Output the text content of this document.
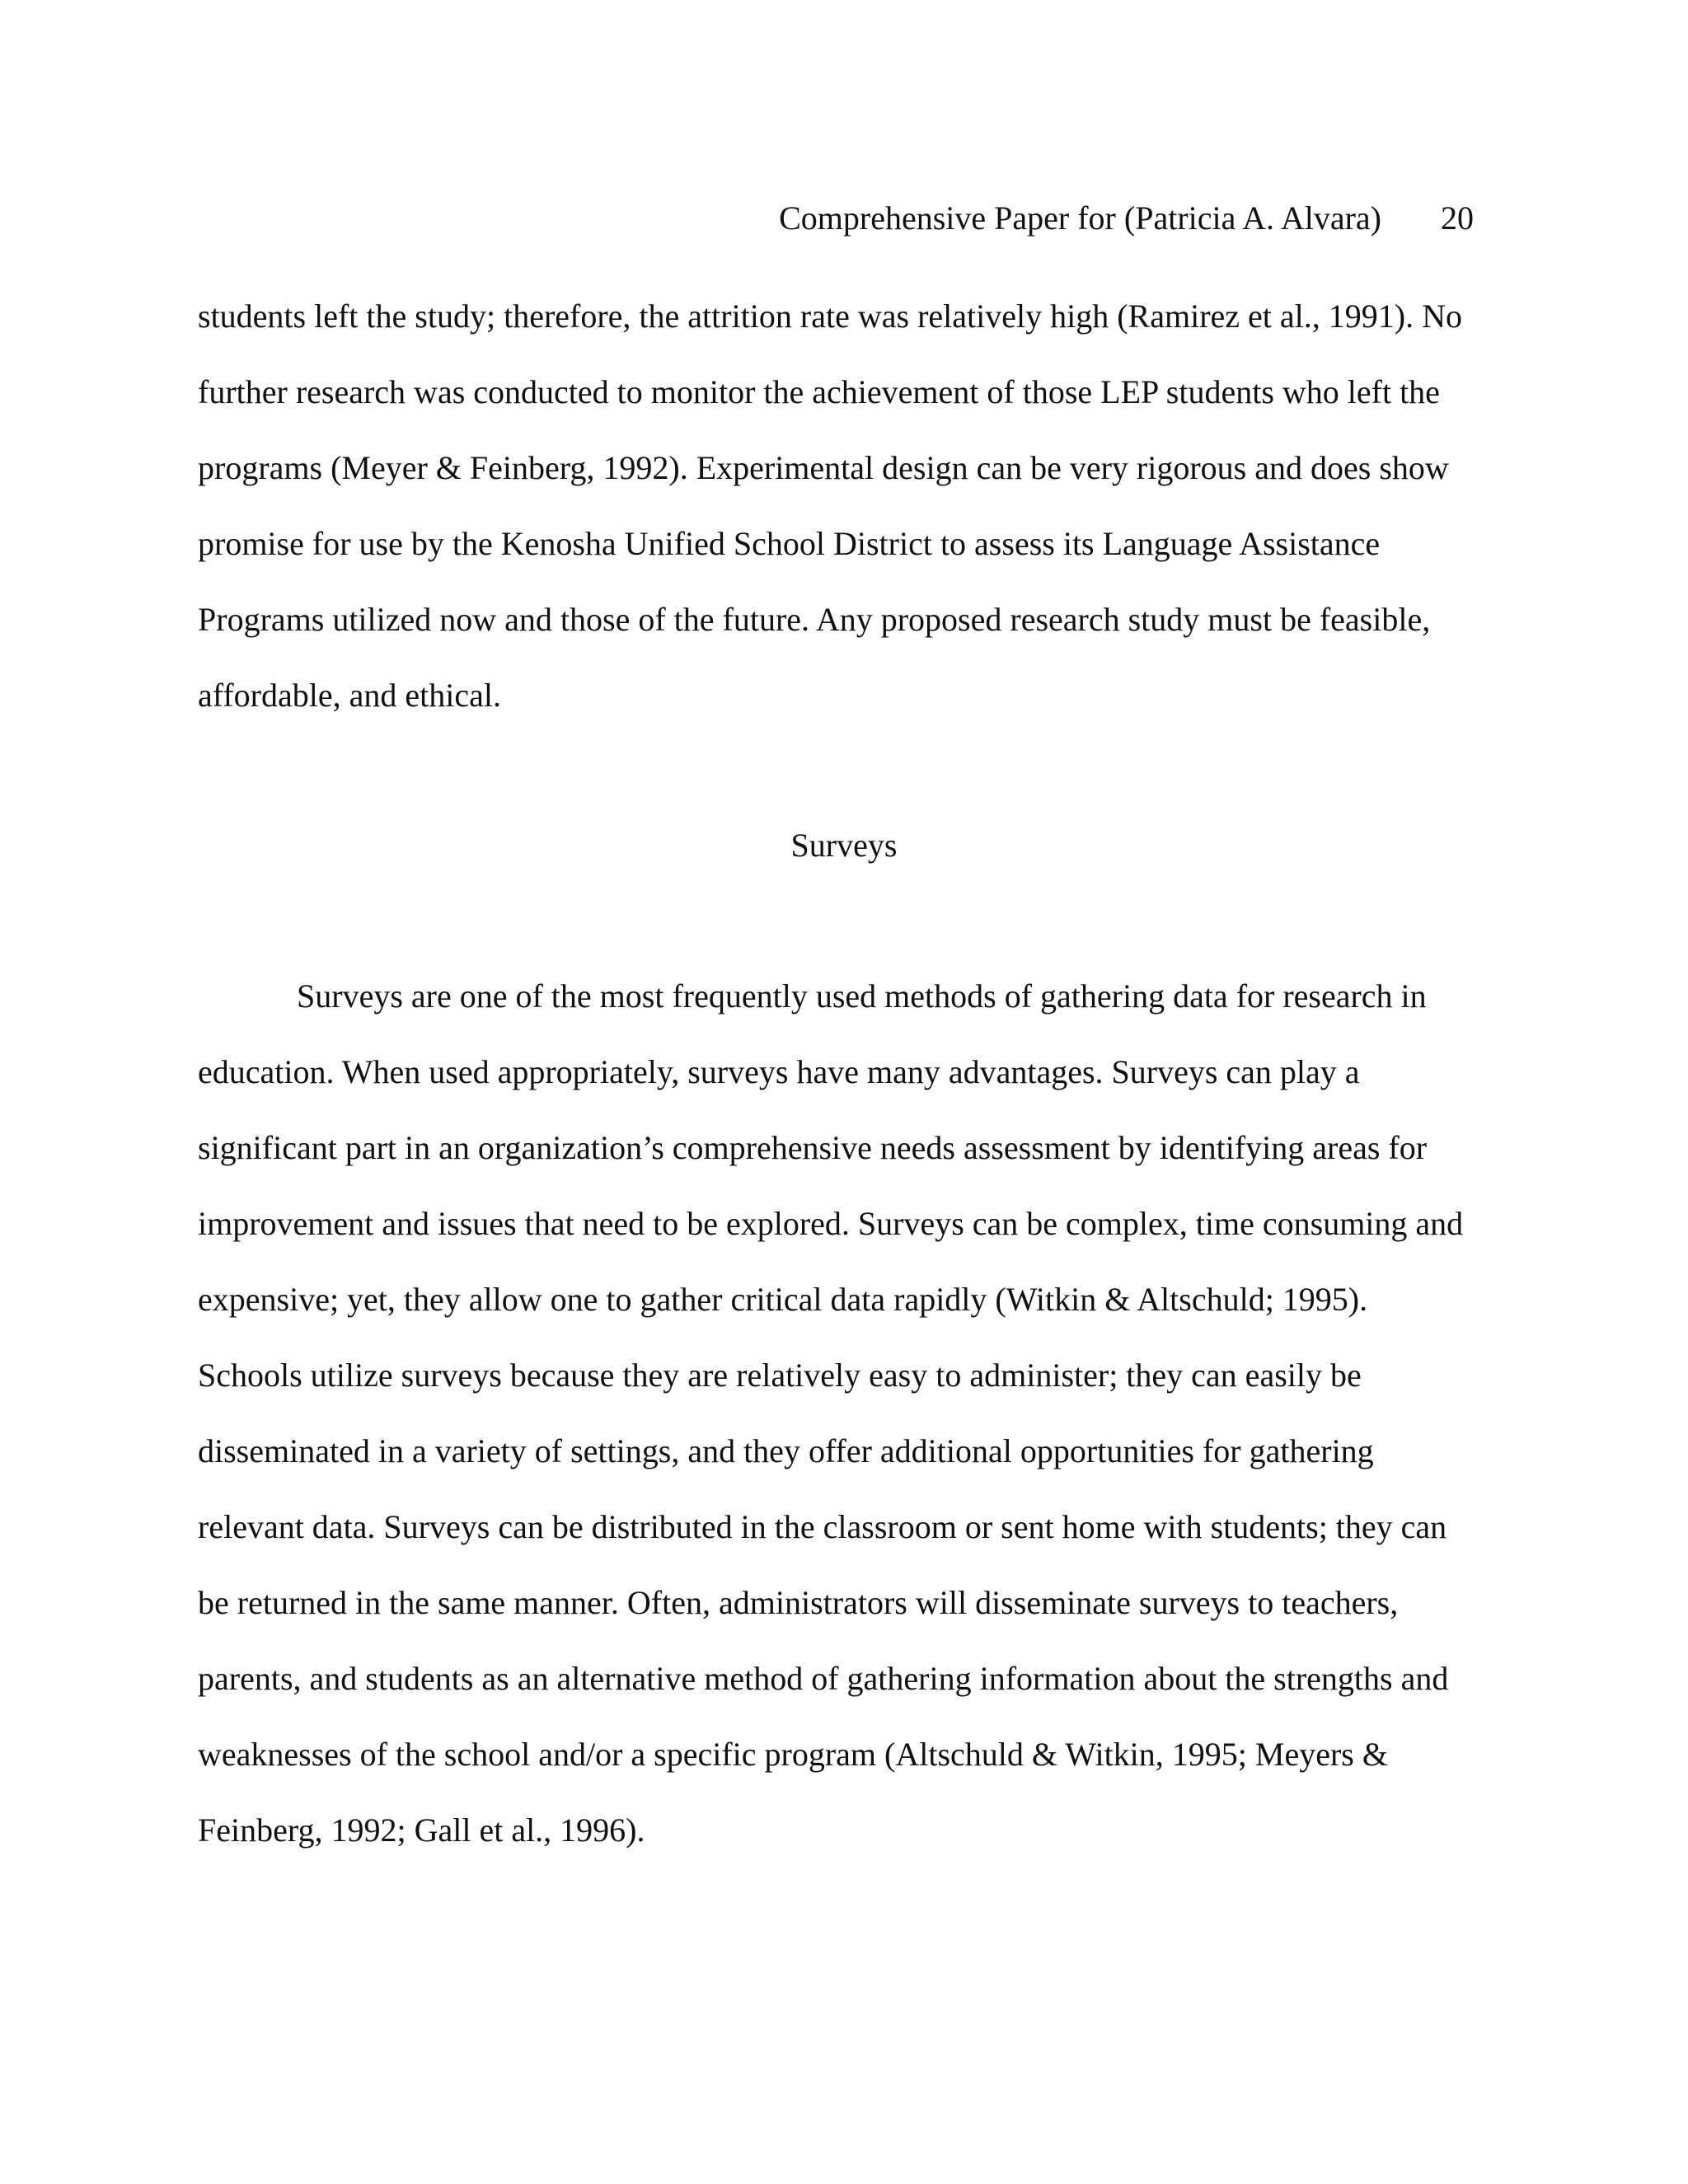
Comprehensive Paper for (Patricia A. Alvara) 20
students left the study; therefore, the attrition rate was relatively high (Ramirez et al., 1991). No
further research was conducted to monitor the achievement of those LEP students who left the
programs (Meyer & Feinberg, 1992). Experimental design can be very rigorous and does show
promise for use by the Kenosha Unified School District to assess its Language Assistance
Programs utilized now and those of the future. Any proposed research study must be feasible,
affordable, and ethical.
Surveys
Surveys are one of the most frequently used methods of gathering data for research in
education. When used appropriately, surveys have many advantages. Surveys can play a
significant part in an organization’s comprehensive needs assessment by identifying areas for
improvement and issues that need to be explored. Surveys can be complex, time consuming and
expensive; yet, they allow one to gather critical data rapidly (Witkin & Altschuld; 1995).
Schools utilize surveys because they are relatively easy to administer; they can easily be
disseminated in a variety of settings, and they offer additional opportunities for gathering
relevant data. Surveys can be distributed in the classroom or sent home with students; they can
be returned in the same manner. Often, administrators will disseminate surveys to teachers,
parents, and students as an alternative method of gathering information about the strengths and
weaknesses of the school and/or a specific program (Altschuld & Witkin, 1995; Meyers &
Feinberg, 1992; Gall et al., 1996).
